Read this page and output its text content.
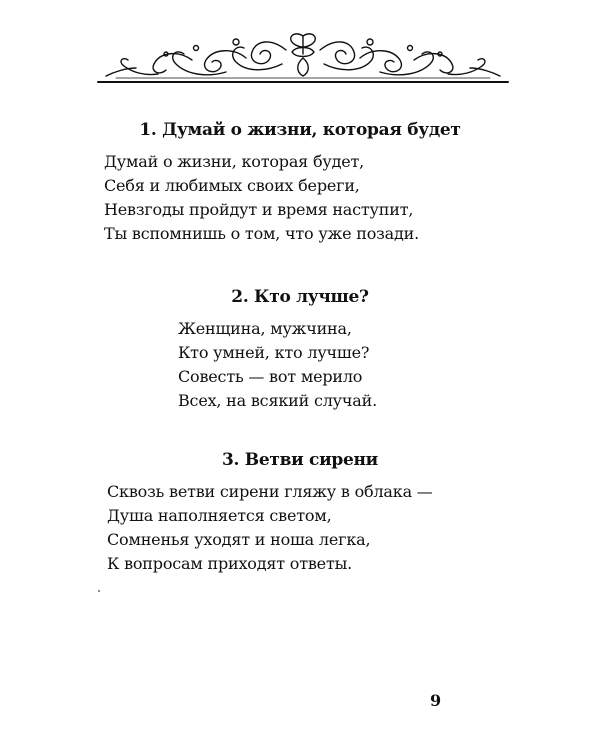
1. Думай о жизни, которая будет
Думай о жизни, которая будет,
Себя и любимых своих береги,
Невзгоды пройдут и время наступит,
Ты вспомнишь о том, что уже позади.
2. Кто лучше?
Женщина, мужчина,
Кто умней, кто лучше?
Совесть — вот мерило
Всех, на всякий случай.
3. Ветви сирени
Сквозь ветви сирени гляжу в облака —
Душа наполняется светом,
Сомненья уходят и ноша легка,
К вопросам приходят ответы.
9
